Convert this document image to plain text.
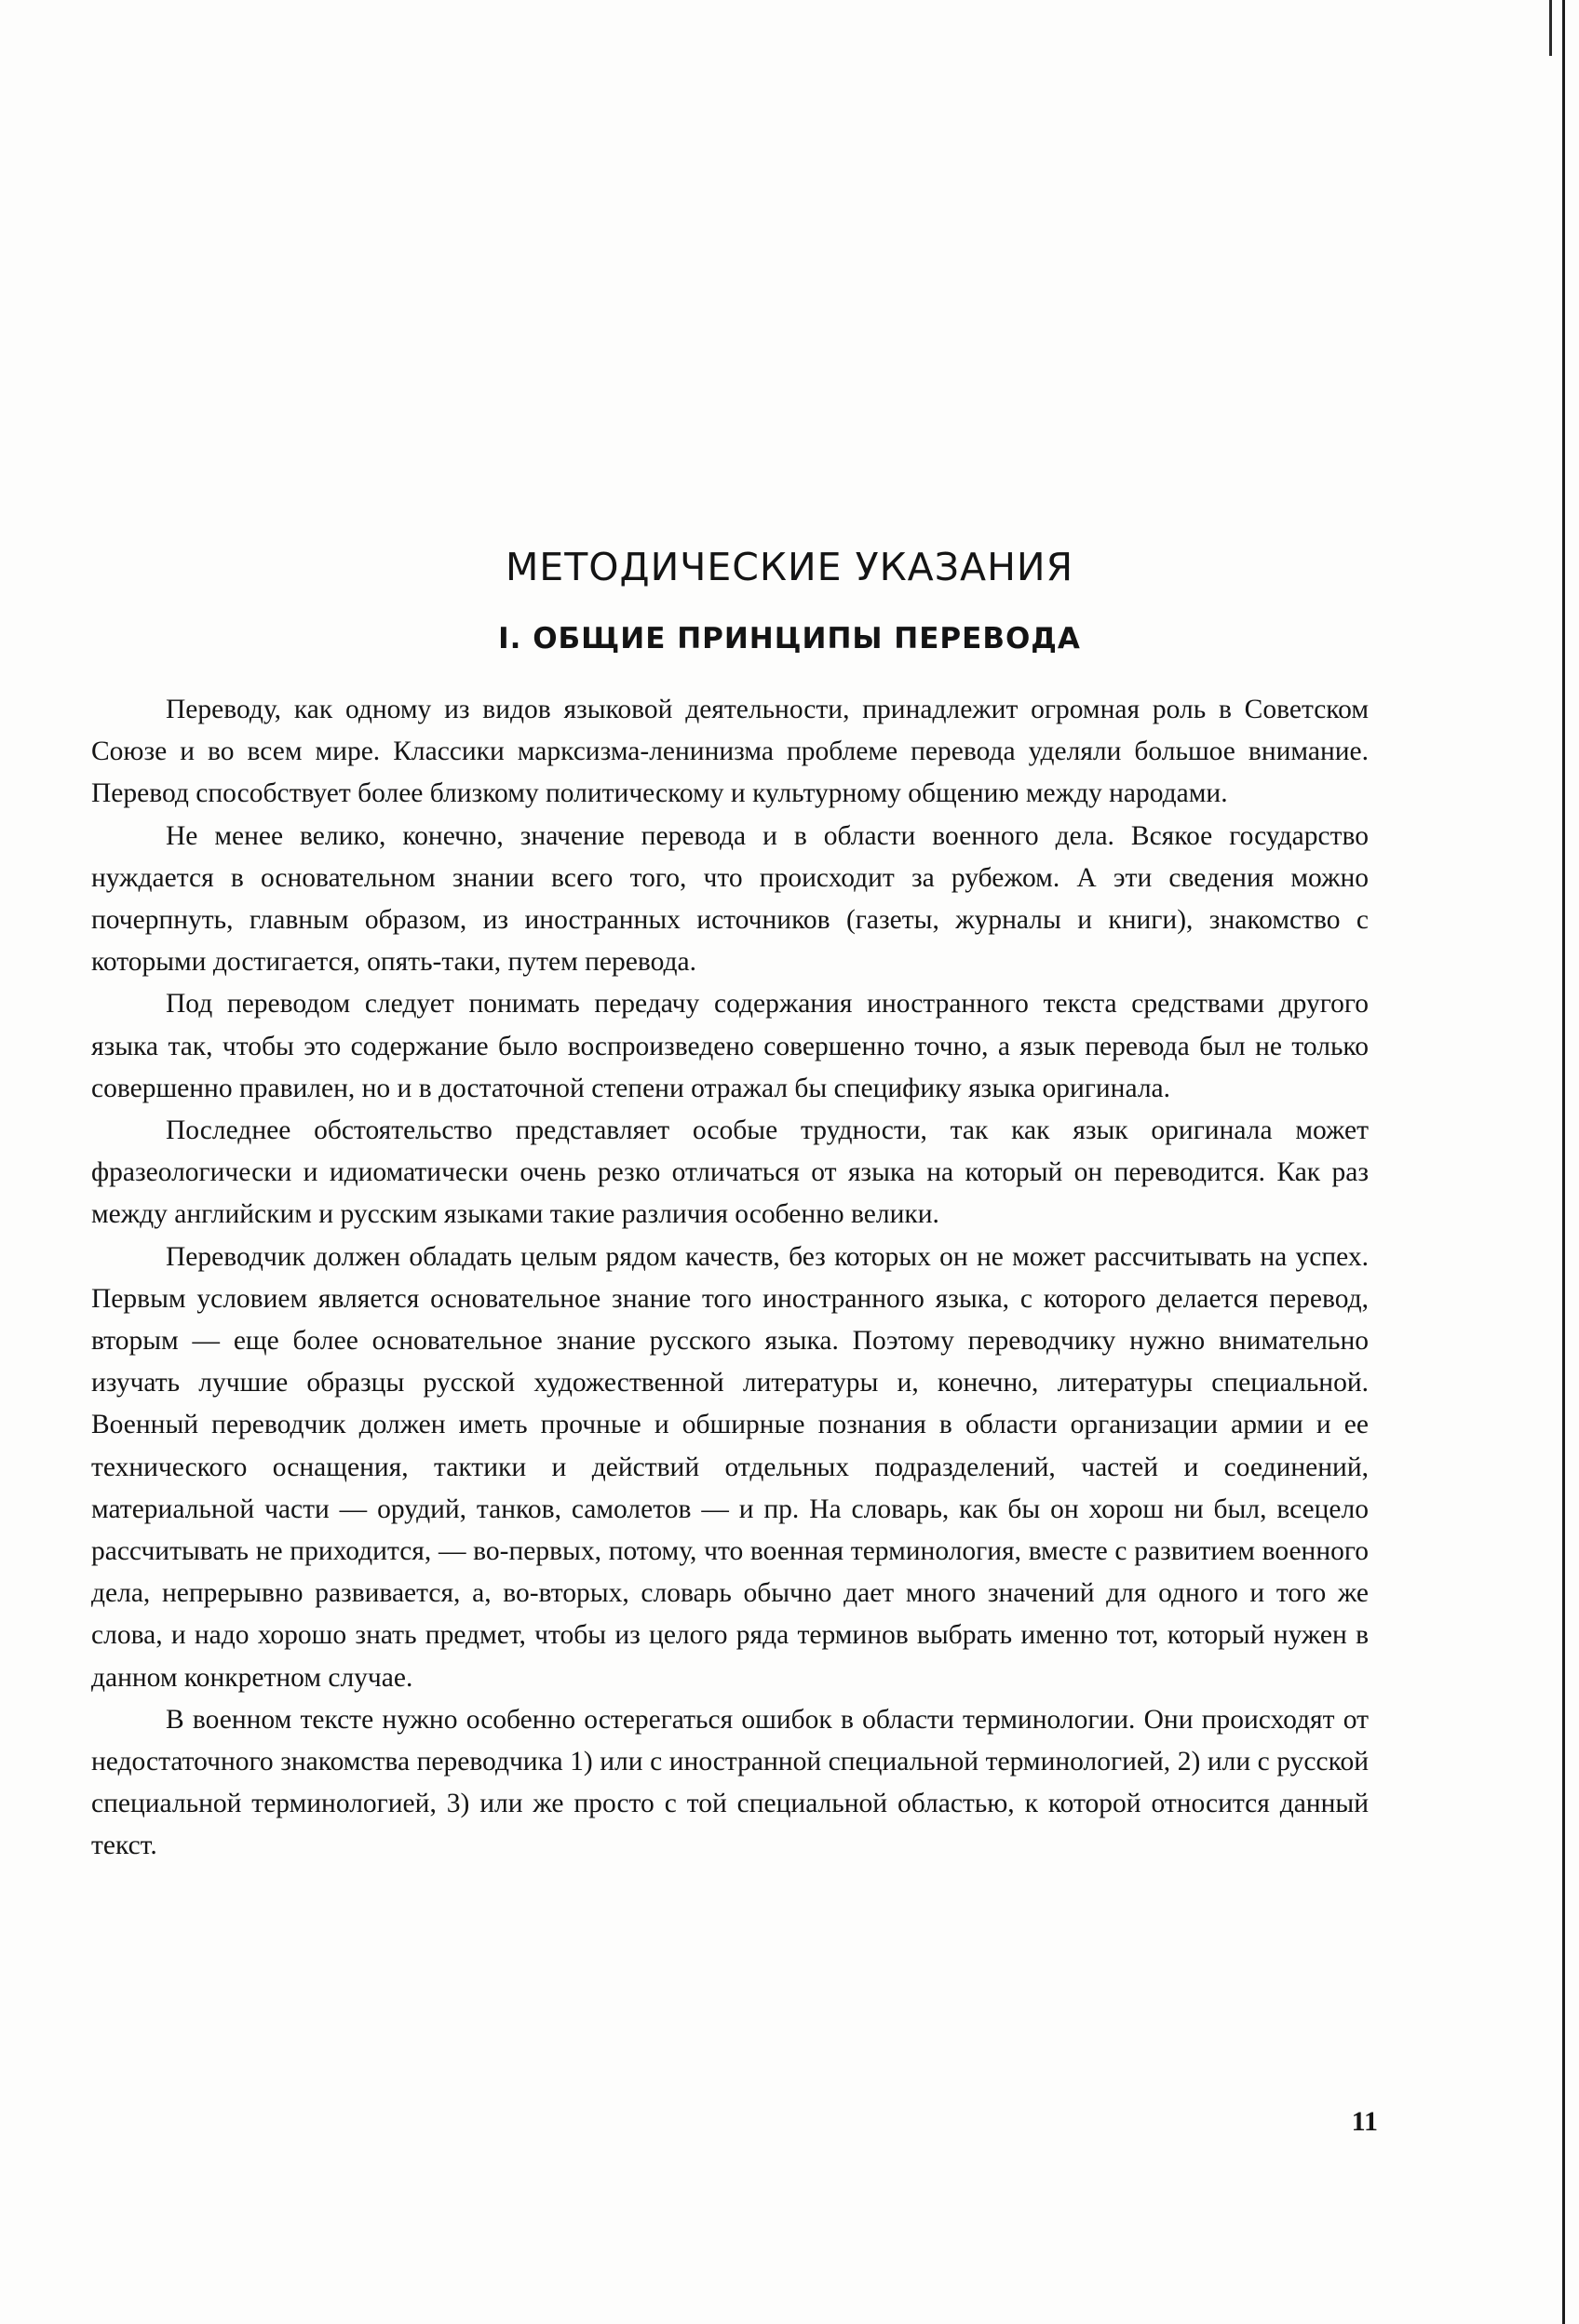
МЕТОДИЧЕСКИЕ УКАЗАНИЯ
I. ОБЩИЕ ПРИНЦИПЫ ПЕРЕВОДА

Переводу, как одному из видов языковой деятельности, принадлежит огромная роль в Советском Союзе и во всем мире. Классики марксизма-ленинизма проблеме перевода уделяли большое внимание. Перевод способствует более близкому политическому и культурному общению между народами.

Не менее велико, конечно, значение перевода и в области военного дела. Всякое государство нуждается в основательном знании всего того, что происходит за рубежом. А эти сведения можно почерпнуть, главным образом, из иностранных источников (газеты, журналы и книги), знакомство с которыми достигается, опять-таки, путем перевода.

Под переводом следует понимать передачу содержания иностранного текста средствами другого языка так, чтобы это содержание было воспроизведено совершенно точно, а язык перевода был не только совершенно правилен, но и в достаточной степени отражал бы специфику языка оригинала.

Последнее обстоятельство представляет особые трудности, так как язык оригинала может фразеологически и идиоматически очень резко отличаться от языка на который он переводится. Как раз между английским и русским языками такие различия особенно велики.

Переводчик должен обладать целым рядом качеств, без которых он не может рассчитывать на успех. Первым условием является основательное знание того иностранного языка, с которого делается перевод, вторым — еще более основательное знание русского языка. Поэтому переводчику нужно внимательно изучать лучшие образцы русской художественной литературы и, конечно, литературы специальной. Военный переводчик должен иметь прочные и обширные познания в области организации армии и ее технического оснащения, тактики и действий отдельных подразделений, частей и соединений, материальной части — орудий, танков, самолетов — и пр. На словарь, как бы он хорош ни был, всецело рассчитывать не приходится, — во-первых, потому, что военная терминология, вместе с развитием военного дела, непрерывно развивается, а, во-вторых, словарь обычно дает много значений для одного и того же слова, и надо хорошо знать предмет, чтобы из целого ряда терминов выбрать именно тот, который нужен в данном конкретном случае.

В военном тексте нужно особенно остерегаться ошибок в области терминологии. Они происходят от недостаточного знакомства переводчика 1) или с иностранной специальной терминологией, 2) или с русской специальной терминологией, 3) или же просто с той специальной областью, к которой относится данный текст.

11
